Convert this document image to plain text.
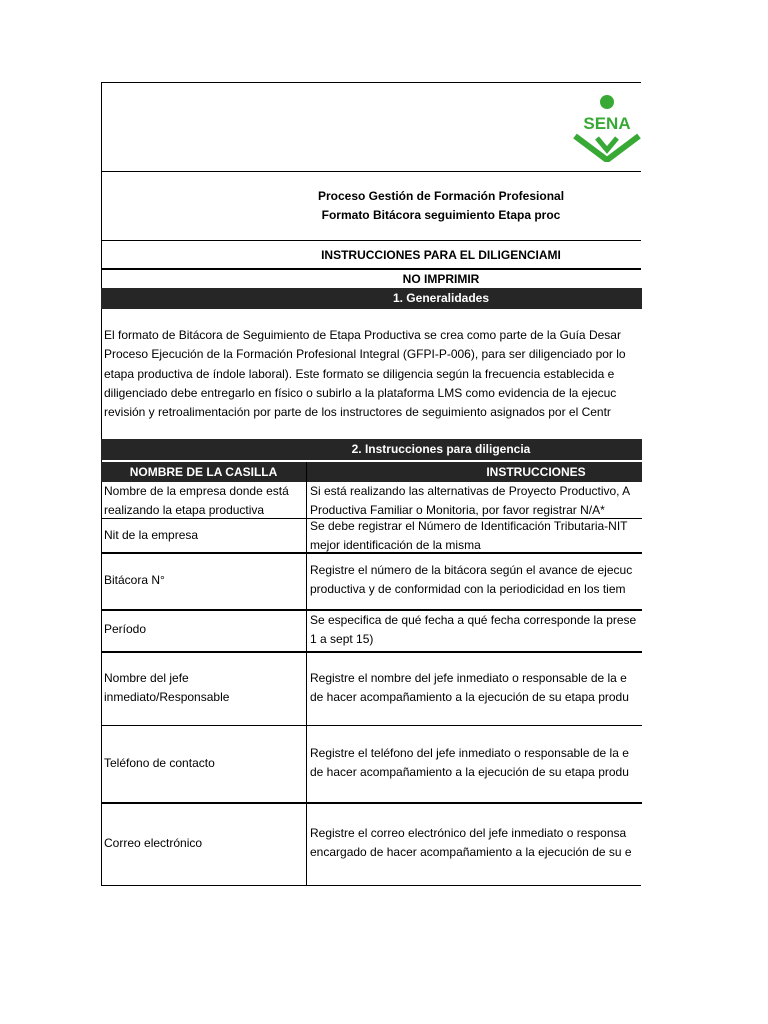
SENA
Proceso Gestión de Formación Profesional
Formato Bitácora seguimiento Etapa proc
INSTRUCCIONES PARA EL DILIGENCIAMI
NO IMPRIMIR
1. Generalidades
El formato de Bitácora de Seguimiento de Etapa Productiva se crea como parte de la Guía Desar
Proceso Ejecución de la Formación Profesional Integral (GFPI-P-006), para ser diligenciado por lo
etapa productiva de índole laboral). Este formato se diligencia según la frecuencia establecida e
diligenciado debe entregarlo en físico o subirlo a la plataforma LMS como evidencia de la ejecuc
revisión y retroalimentación por parte de los instructores de seguimiento asignados por el Centr
2. Instrucciones para diligencia
NOMBRE DE LA CASILLA	INSTRUCCIONES
Nombre de la empresa donde está
realizando la etapa productiva
Si está realizando las alternativas de Proyecto Productivo, A
Productiva Familiar o Monitoria, por favor registrar N/A*
Nit de la empresa
Se debe registrar el Número de Identificación Tributaria-NIT
mejor identificación de la misma
Bitácora N°
Registre el número de la bitácora según el avance de ejecuc
productiva y de conformidad con la periodicidad en los tiem
Período
Se especifica de qué fecha a qué fecha corresponde la prese
1 a sept 15)
Nombre del jefe
inmediato/Responsable
Registre el nombre del jefe inmediato o responsable de la e
de hacer acompañamiento a la ejecución de su etapa produ
Teléfono de contacto
Registre el teléfono del jefe inmediato o responsable de la e
de hacer acompañamiento a la ejecución de su etapa produ
Correo electrónico
Registre el correo electrónico del jefe inmediato o responsa
encargado de hacer acompañamiento a la ejecución de su e
